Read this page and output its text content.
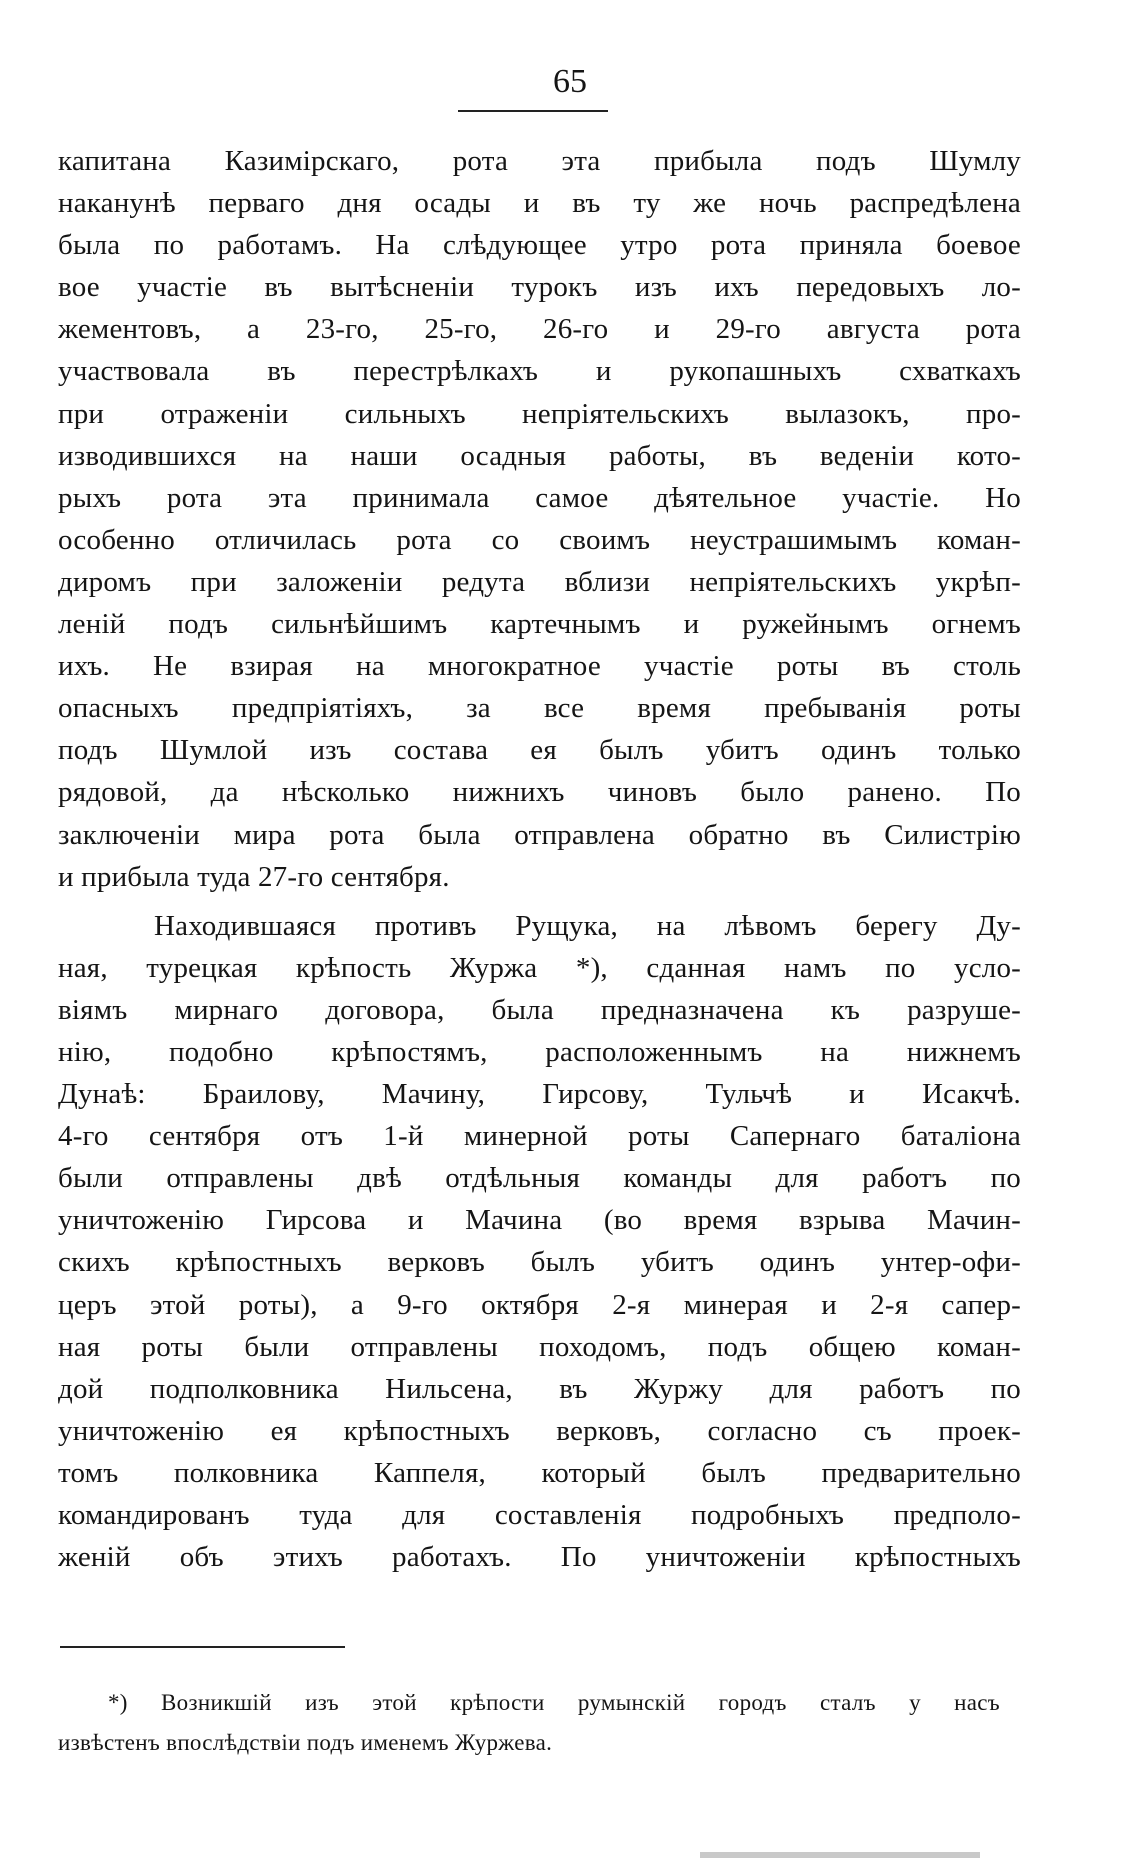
65
капитана Казимірскаго, рота эта прибыла подъ Шумлу
наканунѣ перваго дня осады и въ ту же ночь распредѣлена
была по работамъ. На слѣдующее утро рота приняла боевое
вое участіе въ вытѣсненіи турокъ изъ ихъ передовыхъ ло-
жементовъ, а 23-го, 25-го, 26-го и 29-го августа рота
участвовала въ перестрѣлкахъ и рукопашныхъ схваткахъ
при отраженіи сильныхъ непріятельскихъ вылазокъ, про-
изводившихся на наши осадныя работы, въ веденіи кото-
рыхъ рота эта принимала самое дѣятельное участіе. Но
особенно отличилась рота со своимъ неустрашимымъ коман-
диромъ при заложеніи редута вблизи непріятельскихъ укрѣп-
леній подъ сильнѣйшимъ картечнымъ и ружейнымъ огнемъ
ихъ. Не взирая на многократное участіе роты въ столь
опасныхъ предпріятіяхъ, за все время пребыванія роты
подъ Шумлой изъ состава ея былъ убитъ одинъ только
рядовой, да нѣсколько нижнихъ чиновъ было ранено. По
заключеніи мира рота была отправлена обратно въ Силистрію
и прибыла туда 27-го сентября.
Находившаяся противъ Рущука, на лѣвомъ берегу Ду-
ная, турецкая крѣпость Журжа *), сданная намъ по усло-
віямъ мирнаго договора, была предназначена къ разруше-
нію, подобно крѣпостямъ, расположеннымъ на нижнемъ
Дунаѣ: Браилову, Мачину, Гирсову, Тульчѣ и Исакчѣ.
4-го сентября отъ 1-й минерной роты Сапернаго баталіона
были отправлены двѣ отдѣльныя команды для работъ по
уничтоженію Гирсова и Мачина (во время взрыва Мачин-
скихъ крѣпостныхъ верковъ былъ убитъ одинъ унтер-офи-
церъ этой роты), а 9-го октября 2-я минерая и 2-я сапер-
ная роты были отправлены походомъ, подъ общею коман-
дой подполковника Нильсена, въ Журжу для работъ по
уничтоженію ея крѣпостныхъ верковъ, согласно съ проек-
томъ полковника Каппеля, который былъ предварительно
командированъ туда для составленія подробныхъ предполо-
женій объ этихъ работахъ. По уничтоженіи крѣпостныхъ
*) Возникшій изъ этой крѣпости румынскій городъ сталъ у насъ
извѣстенъ впослѣдствіи подъ именемъ Журжева.
